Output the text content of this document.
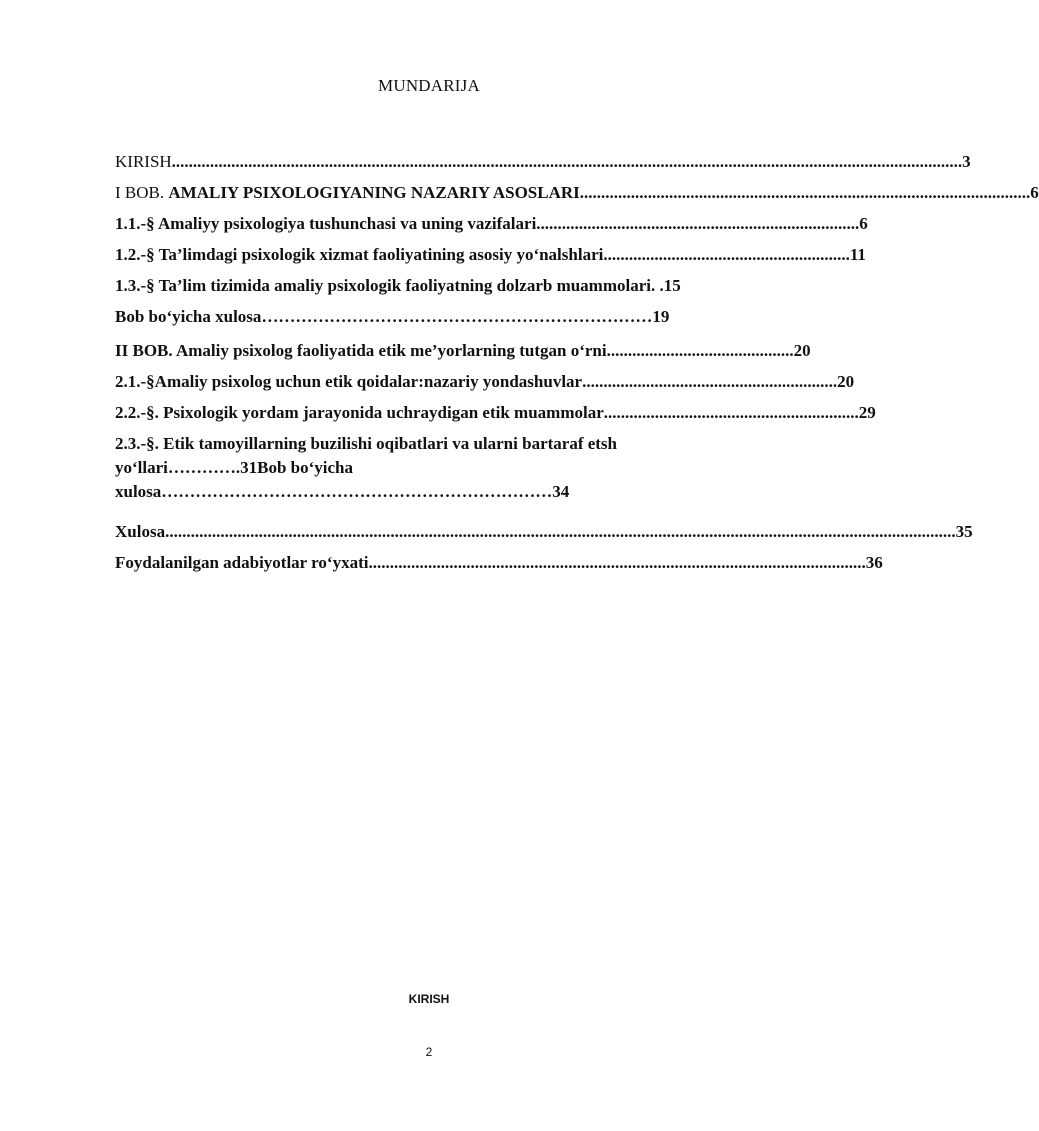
MUNDARIJA
KIRISH .......................................................................................................................................................................................... 3
I BOB. AMALIY PSIXOLOGIYANING NAZARIY ASOSLARI .......................................................................................................... 6
1.1.-§ Amaliyy psixologiya tushunchasi va uning vazifalari ............................................................................ 6
1.2.-§ Ta’limdagi psixologik xizmat faoliyatining asosiy yo‘nalshlari .......................................................... 11
1.3.-§ Ta’lim tizimida amaliy psixologik faoliyatning dolzarb muammolari. .15
Bob bo‘yicha xulosa……………………………………………………………19
II BOB. Amaliy psixolog faoliyatida etik me’yorlarning tutgan o‘rni ............................................ 20
2.1.-§Amaliy psixolog uchun etik qoidalar:nazariy yondashuvlar ............................................................ 20
2.2.-§. Psixologik yordam jarayonida uchraydigan etik muammolar ............................................................ 29
2.3.-§. Etik tamoyillarning buzilishi oqibatlari va ularni bartaraf etsh
yo‘llari………….31Bob bo‘yicha
xulosa……………………………………………………………34
Xulosa .......................................................................................................................................................................................... 35
Foydalanilgan adabiyotlar ro‘yxati ..................................................................................................................... 36
KIRISH
2
